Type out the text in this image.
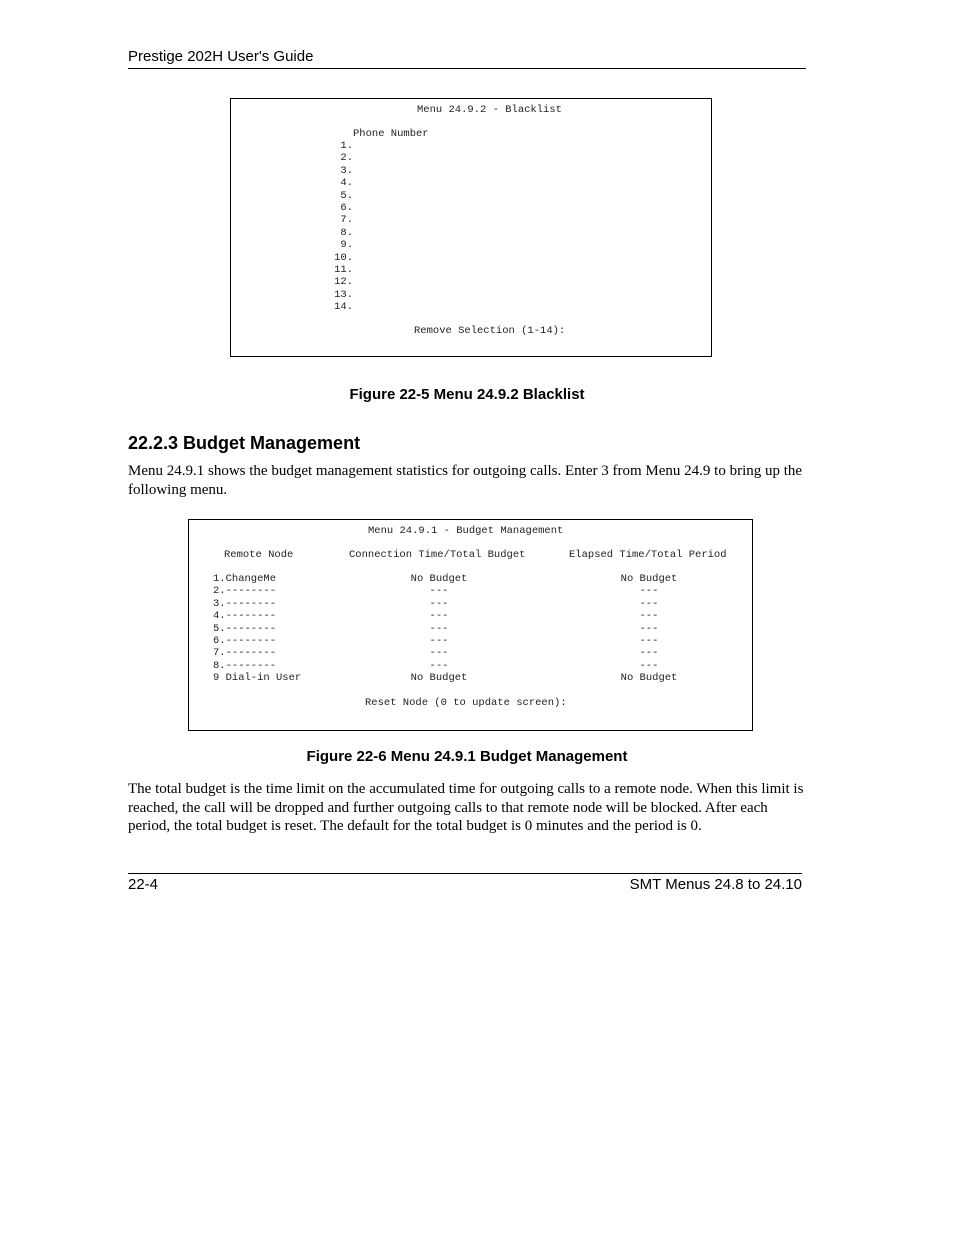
Prestige 202H User's Guide
Menu 24.9.2 - Blacklist
Phone Number
1.
2.
3.
4.
5.
6.
7.
8.
9.
10.
11.
12.
13.
14.
Remove Selection (1-14):
Figure 22-5 Menu 24.9.2 Blacklist
22.2.3 Budget Management
Menu 24.9.1 shows the budget management statistics for outgoing calls. Enter 3 from Menu 24.9 to bring up the following menu.
Menu 24.9.1 - Budget Management
Remote Node	Connection Time/Total Budget	Elapsed Time/Total Period
1.ChangeMe	No Budget	No Budget
2.--------	---	---
3.--------	---	---
4.--------	---	---
5.--------	---	---
6.--------	---	---
7.--------	---	---
8.--------	---	---
9 Dial-in User	No Budget	No Budget
Reset Node (0 to update screen):
Figure 22-6 Menu 24.9.1 Budget Management
The total budget is the time limit on the accumulated time for outgoing calls to a remote node. When this limit is reached, the call will be dropped and further outgoing calls to that remote node will be blocked. After each period, the total budget is reset. The default for the total budget is 0 minutes and the period is 0.
22-4	SMT Menus 24.8 to 24.10
